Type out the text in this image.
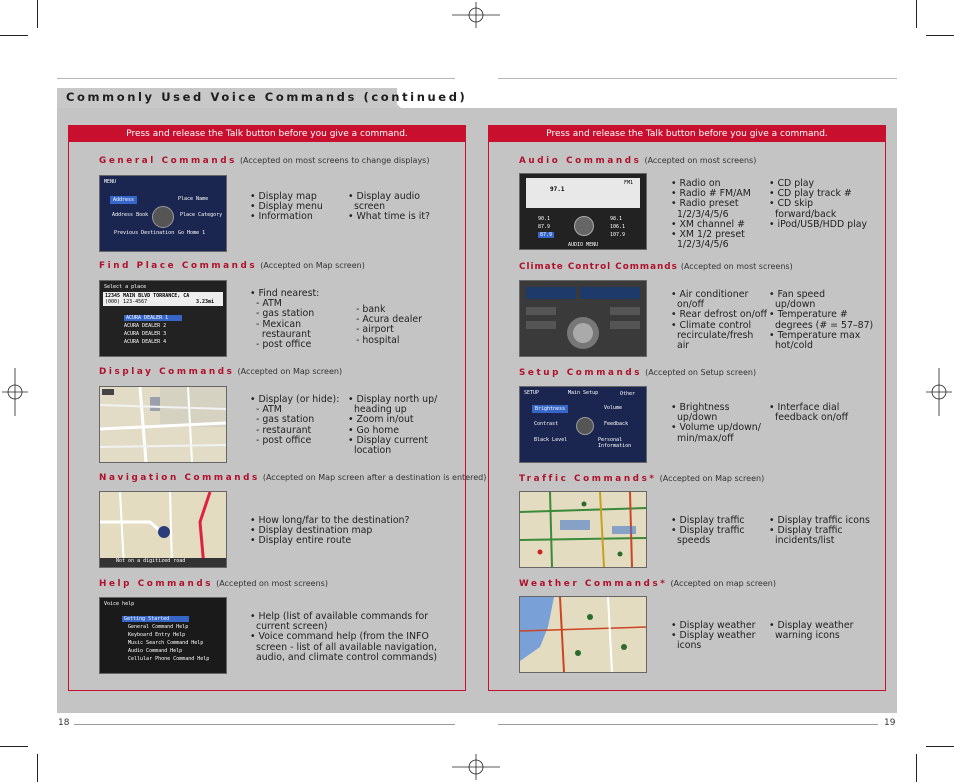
Commonly Used Voice Commands (continued)
Press and release the Talk button before you give a command.	Press and release the Talk button before you give a command.
General Commands (Accepted on most screens to change displays)
MENU
Address	Place Name
Address Book	Place Category
Previous Destination Go Home 1
• Display map
• Display menu
• Information
• Display audio
screen
• What time is it?
Find Place Commands (Accepted on Map screen)
Select a place
12345 MAIN BLVD TORRANCE, CA
(000) 123-4567	3.23mi
ACURA DEALER 1
ACURA DEALER 2
ACURA DEALER 3
ACURA DEALER 4
• Find nearest:
- ATM
- gas station
- Mexican
restaurant
- post office
- bank
- Acura dealer
- airport
- hospital
Display Commands (Accepted on Map screen)
• Display (or hide):
- ATM
- gas station
- restaurant
- post office
• Display north up/
heading up
• Zoom in/out
• Go home
• Display current
location
Navigation Commands (Accepted on Map screen after a destination is entered)
Not on a digitized road
• How long/far to the destination?
• Display destination map
• Display entire route
Help Commands (Accepted on most screens)
Voice help
Getting Started
General Command Help
Keyboard Entry Help
Music Search Command Help
Audio Command Help
Cellular Phone Command Help
• Help (list of available commands for
current screen)
• Voice command help (from the INFO
screen - list of all available navigation,
audio, and climate control commands)
Audio Commands (Accepted on most screens)
97.1
FM1
90.1
87.9
87.9
98.1
106.1
107.9
AUDIO MENU
• Radio on
• Radio # FM/AM
• Radio preset
1/2/3/4/5/6
• XM channel #
• XM 1/2 preset
1/2/3/4/5/6
• CD play
• CD play track #
• CD skip
forward/back
• iPod/USB/HDD play
Climate Control Commands (Accepted on most screens)
• Air conditioner
on/off
• Rear defrost on/off
• Climate control
recirculate/fresh
air
• Fan speed
up/down
• Temperature #
degrees (# = 57–87)
• Temperature max
hot/cold
Setup Commands (Accepted on Setup screen)
SETUP	Main Setup	Other
Brightness	Volume
Contrast	Feedback
Black Level	Personal Information
• Brightness
up/down
• Volume up/down/
min/max/off
• Interface dial
feedback on/off
Traffic Commands* (Accepted on Map screen)
• Display traffic
• Display traffic
speeds
• Display traffic icons
• Display traffic
incidents/list
Weather Commands* (Accepted on map screen)
• Display weather
• Display weather
icons
• Display weather
warning icons
18	19
